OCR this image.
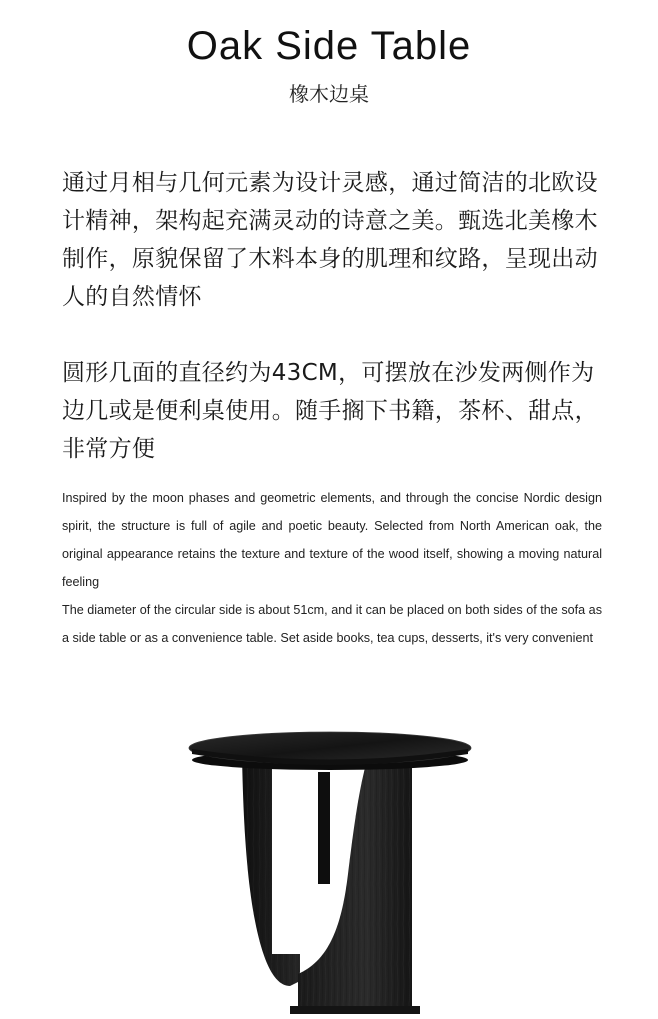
Oak Side Table
橡木边桌
通过月相与几何元素为设计灵感，通过简洁的北欧设计精神，架构起充满灵动的诗意之美。甄选北美橡木制作，原貌保留了木料本身的肌理和纹路，呈现出动人的自然情怀
圆形几面的直径约为43CM，可摆放在沙发两侧作为边几或是便利桌使用。随手搁下书籍，茶杯、甜点，非常方便

Inspired by the moon phases and geometric elements, and through the concise Nordic design spirit, the structure is full of agile and poetic beauty. Selected from North American oak, the original appearance retains the texture and texture of the wood itself, showing a moving natural feeling

The diameter of the circular side is about 51cm, and it can be placed on both sides of the sofa as a side table or as a convenience table. Set aside books, tea cups, desserts, it's very convenient
